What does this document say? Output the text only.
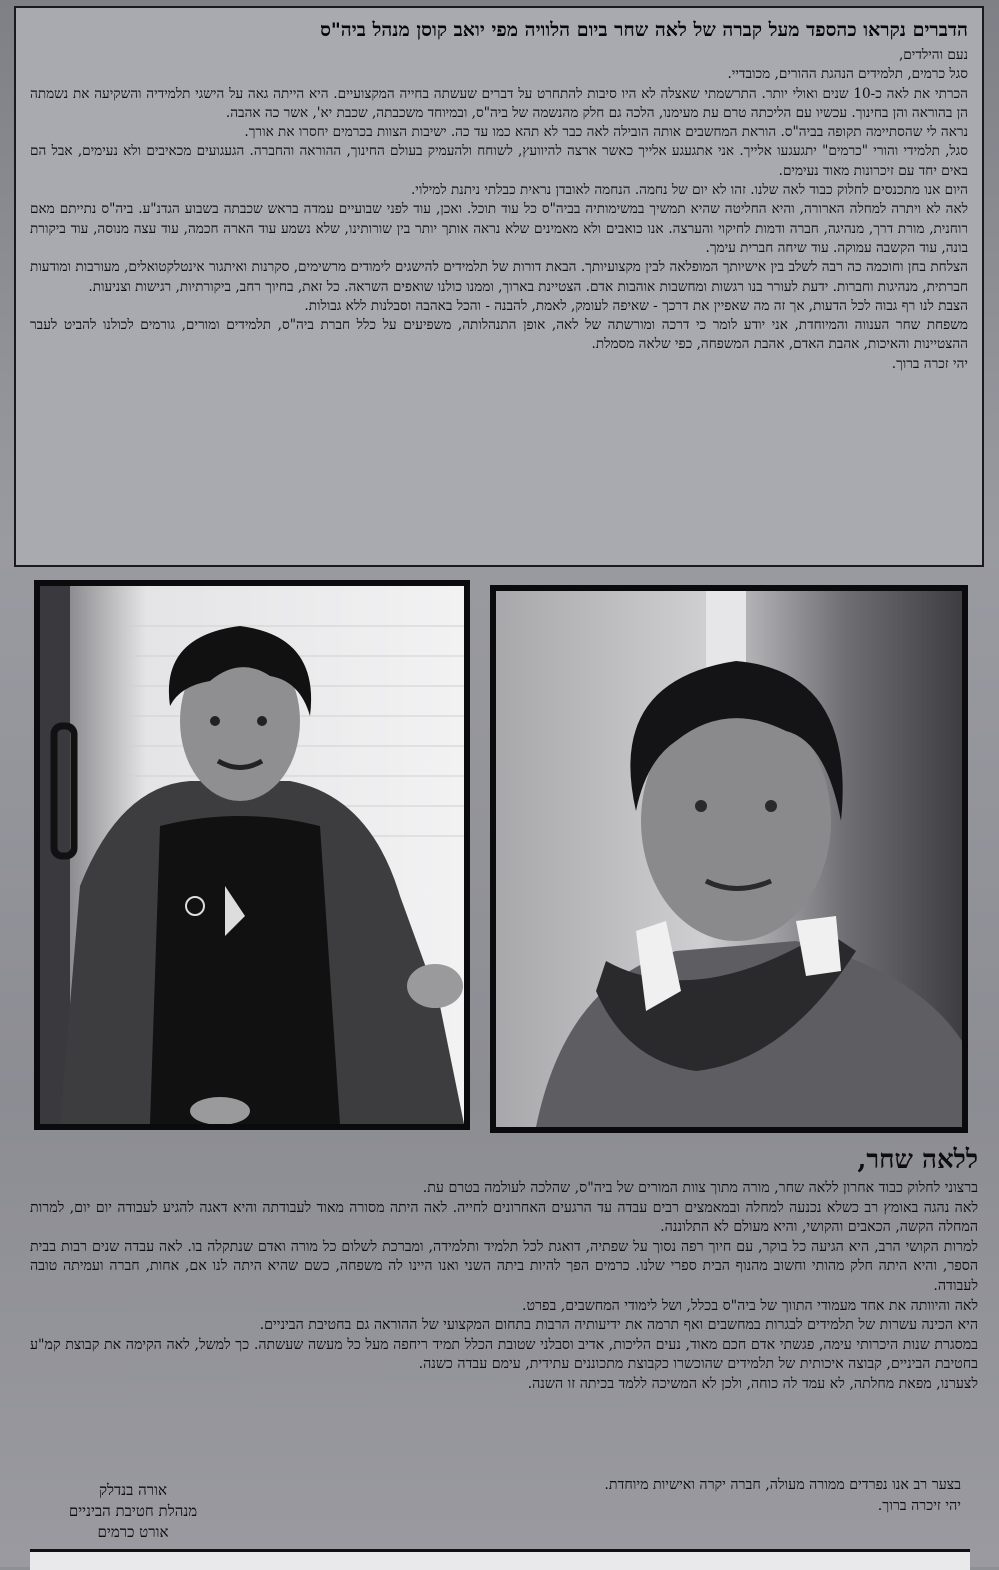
הדברים נקראו כהספד מעל קברה של לאה שחר ביום הלוויה מפי יואב קוסן מנהל ביה"ס

נעם והילדים,

סגל כרמים, תלמידים הנהגת ההורים, מכובדיי.

הכרתי את לאה כ-10 שנים ואולי יותר. התרשמתי שאצלה לא היו סיבות להתחרט על דברים שעשתה בחייה המקצועיים. היא הייתה גאה על הישגי תלמידיה והשקיעה את נשמתה הן בהוראה והן בחינוך. עכשיו עם הליכתה טרם עת מעימנו, הלכה גם חלק מהנשמה של ביה"ס, ובמיוחד משכבתה, שכבת יא', אשר כה אהבה.

נראה לי שהסתיימה תקופה בביה"ס. הוראת המחשבים אותה הובילה לאה כבר לא תהא כמו עד כה. ישיבות הצוות בכרמים יחסרו את אורך.

סגל, תלמידי והורי "כרמים" יתגעגעו אלייך. אני אתגעגע אלייך כאשר ארצה להיוועץ, לשוחח ולהעמיק בעולם החינוך, ההוראה והחברה. הגעגועים מכאיבים ולא נעימים, אבל הם באים יחד עם זיכרונות מאוד נעימים.

היום אנו מתכנסים לחלוק כבוד לאה שלנו. זהו לא יום של נחמה. הנחמה לאובדן נראית כבלתי ניתנת למילוי.

לאה לא ויתרה למחלה הארורה, והיא החליטה שהיא תמשיך במשימותיה בביה"ס כל עוד תוכל. ואכן, עוד לפני שבועיים עמדה בראש שכבתה בשבוע הגדנ"ע. ביה"ס נתייתם מאם רוחנית, מורת דרך, מנהיגה, חברה ודמות לחיקוי והערצה. אנו כואבים ולא מאמינים שלא נראה אותך יותר בין שורותינו, שלא נשמע עוד הארה חכמה, עוד עצה מנוסה, עוד ביקורת בונה, עוד הקשבה עמוקה. עוד שיחה חברית עימך.

הצלחת בחן וחוכמה כה רבה לשלב בין אישיותך המופלאה לבין מקצועיותך. הבאת דורות של תלמידים להישגים לימודים מרשימים, סקרנות ואיתגור אינטלקטואלים, מעורבות ומודעות חברתית, מנהיגות וחברות. ידעת לעורר בנו רגשות ומחשבות אוהבות אדם. הצטיינת בארוך, וממנו כולנו שואפים השראה. כל זאת, בחיוך רחב, ביקורתיות, רגישות וצניעות.

הצבת לנו רף גבוה לכל הדעות, אך זה מה שאפיין את דרכך - שאיפה לעומק, לאמת, להבנה - והכל באהבה וסבלנות ללא גבולות.

משפחת שחר הענווה והמיוחדת, אני יודע לומר כי דרכה ומורשתה של לאה, אופן התנהלותה, משפיעים על כלל חברת ביה"ס, תלמידים ומורים, גורמים לכולנו להביט לעבר ההצטיינות והאיכות, אהבת האדם, אהבת המשפחה, כפי שלאה מסמלת.

יהי זכרה ברוך.

ללאה שחר,

ברצוני לחלוק כבוד אחרון ללאה שחר, מורה מתוך צוות המורים של ביה"ס, שהלכה לעולמה בטרם עת.

לאה נהגה באומץ רב כשלא נכנעה למחלה ובמאמצים רבים עבדה עד הרגעים האחרונים לחייה. לאה היתה מסורה מאוד לעבודתה והיא דאגה להגיע לעבודה יום יום, למרות המחלה הקשה, הכאבים והקושי, והיא מעולם לא התלוננה.

למרות הקושי הרב, היא הגיעה כל בוקר, עם חיוך רפה נסוך על שפתיה, דואגת לכל תלמיד ותלמידה, ומברכת לשלום כל מורה ואדם שנתקלה בו. לאה עבדה שנים רבות בבית הספר, והיא היתה חלק מהותי וחשוב מהנוף הבית ספרי שלנו. כרמים הפך להיות ביתה השני ואנו היינו לה משפחה, כשם שהיא היתה לנו אם, אחות, חברה ועמיתה טובה לעבודה.

לאה והיוותה את אחד מעמודי התווך של ביה"ס בכלל, ושל לימודי המחשבים, בפרט.

היא הכינה עשרות של תלמידים לבגרות במחשבים ואף תרמה את ידיעותיה הרבות בתחום המקצועי של ההוראה גם בחטיבת הביניים.

במסגרת שנות היכרותי עימה, פגשתי אדם חכם מאוד, נעים הליכות, אדיב וסבלני שטובת הכלל תמיד ריחפה מעל כל מעשה שעשתה. כך למשל, לאה הקימה את קבוצת קמ"ע בחטיבת הביניים, קבוצה איכותית של תלמידים שהוכשרו כקבוצת מתכוננים עתידית, עימם עבדה כשנה.

לצערנו, מפאת מחלתה, לא עמד לה כוחה, ולכן לא המשיכה ללמד בכיתה זו השנה.

בצער רב אנו נפרדים ממורה מעולה, חברה יקרה ואישיות מיוחדת.

יהי זיכרה ברוך.

אורה בנדלק

מנהלת חטיבת הביניים

אורט כרמים
